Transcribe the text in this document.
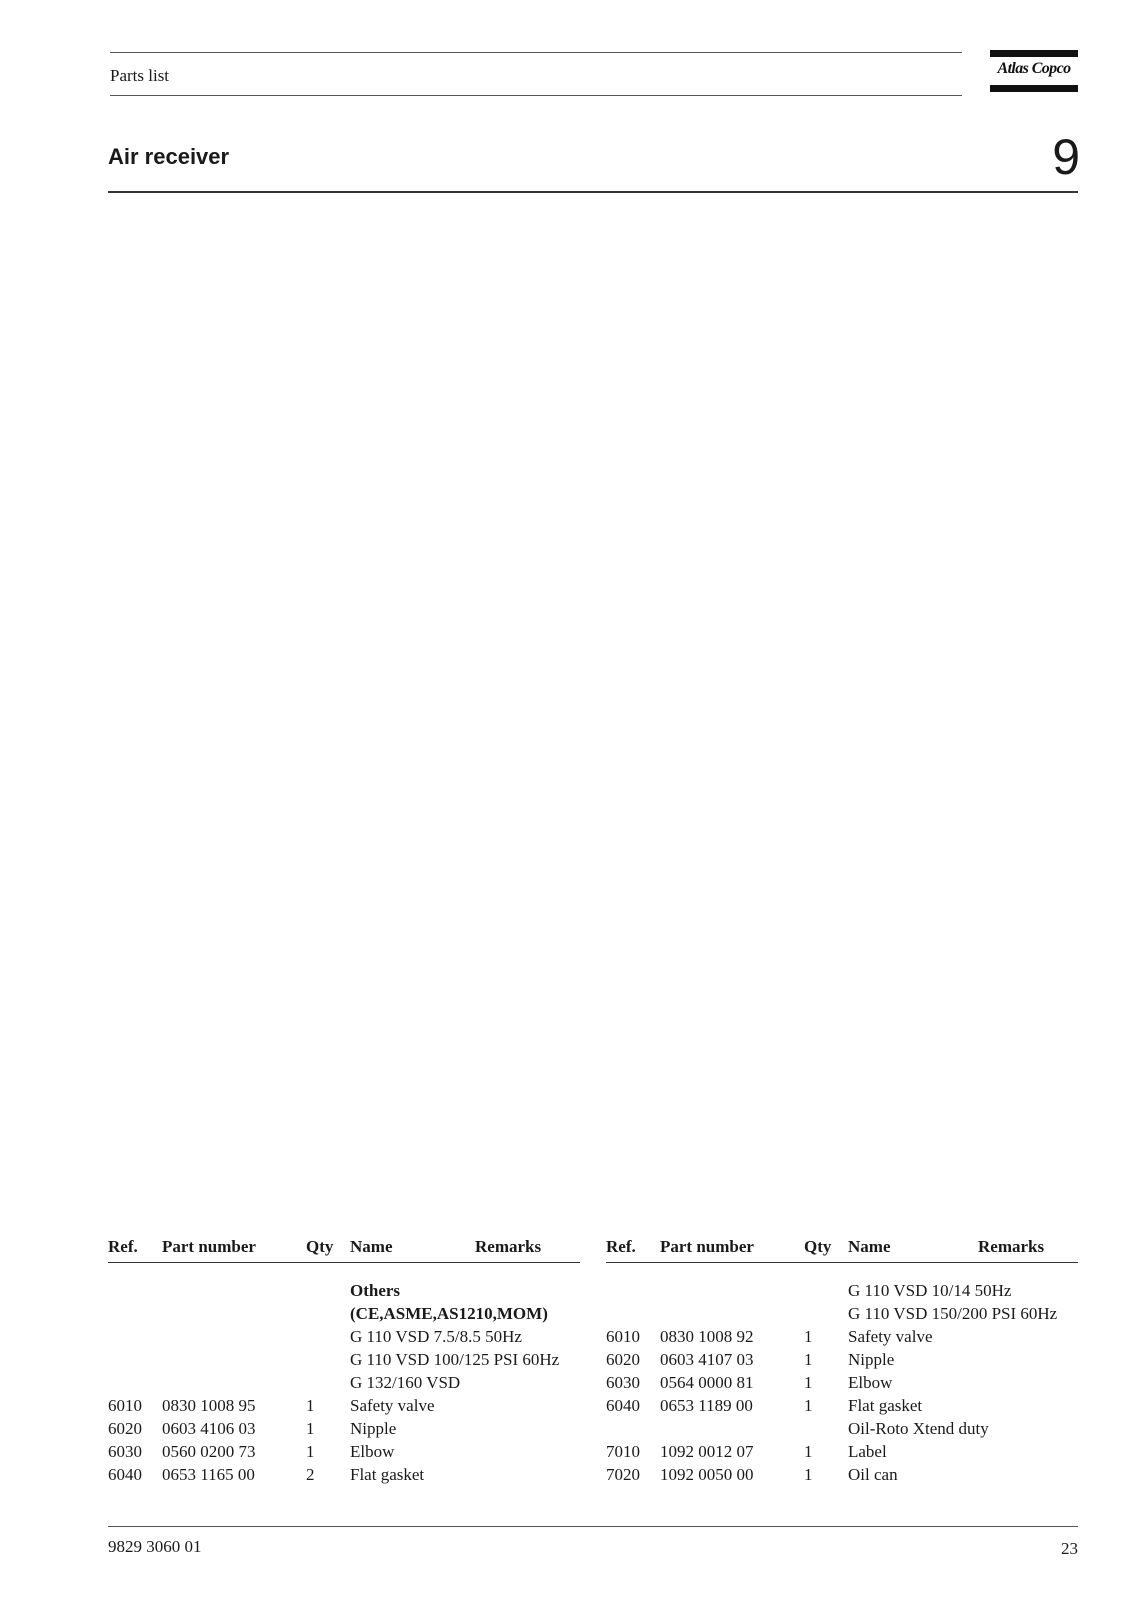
Parts list	Atlas Copco
Air receiver	9
Ref. Part number	Qty Name	Remarks
Others
(CE,ASME,AS1210,MOM)
G 110 VSD 7.5/8.5 50Hz
G 110 VSD 100/125 PSI 60Hz
G 132/160 VSD
6010 0830 1008 95	1 Safety valve
6020 0603 4106 03	1 Nipple
6030 0560 0200 73	1 Elbow
6040 0653 1165 00	2 Flat gasket
Ref. Part number	Qty Name	Remarks
G 110 VSD 10/14 50Hz
G 110 VSD 150/200 PSI 60Hz
6010 0830 1008 92	1 Safety valve
6020 0603 4107 03	1 Nipple
6030 0564 0000 81	1 Elbow
6040 0653 1189 00	1 Flat gasket
Oil-Roto Xtend duty
7010 1092 0012 07	1 Label
7020 1092 0050 00	1 Oil can
9829 3060 01	23
